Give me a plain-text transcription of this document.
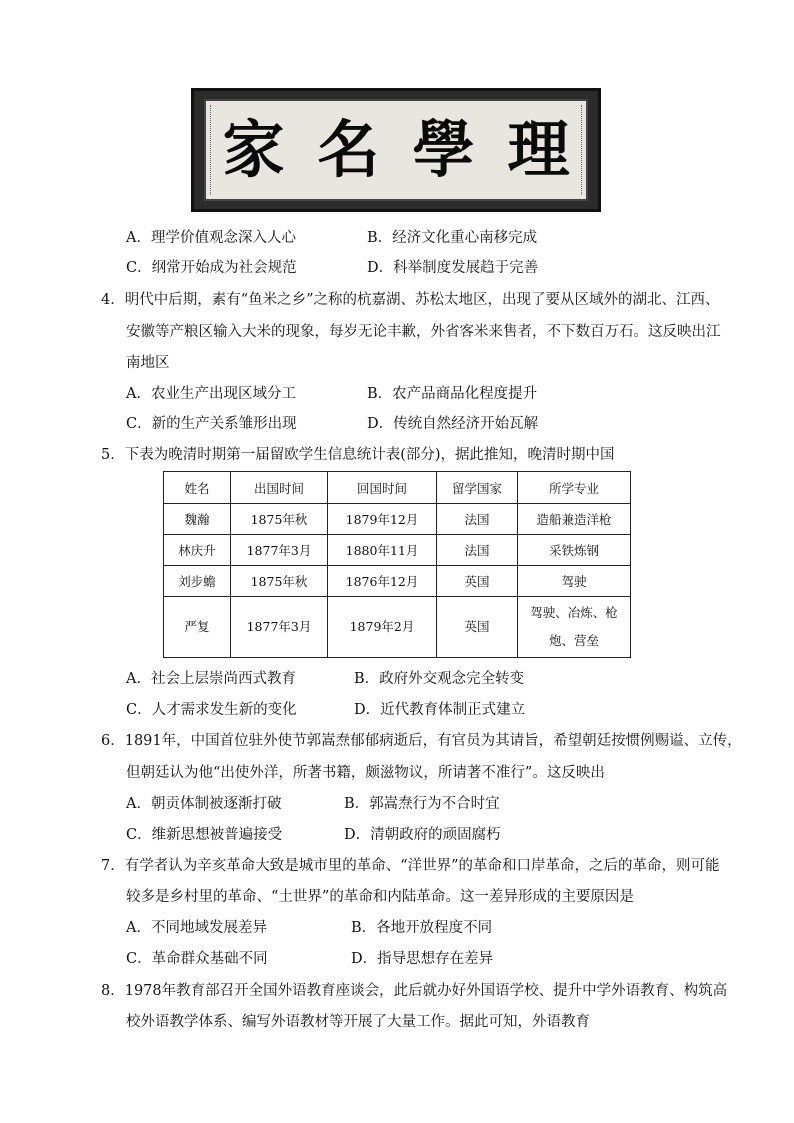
家 名 學 理
A．理学价值观念深入人心	B．经济文化重心南移完成
C．纲常开始成为社会规范	D．科举制度发展趋于完善
4．明代中后期，素有“鱼米之乡”之称的杭嘉湖、苏松太地区，出现了要从区域外的湖北、江西、
安徽等产粮区输入大米的现象，每岁无论丰歉，外省客米来售者，不下数百万石。这反映出江
南地区
A．农业生产出现区域分工	B．农产品商品化程度提升
C．新的生产关系雏形出现	D．传统自然经济开始瓦解
5．下表为晚清时期第一届留欧学生信息统计表(部分)，据此推知，晚清时期中国
姓名	出国时间	回国时间	留学国家	所学专业
魏瀚	1875年秋	1879年12月	法国	造船兼造洋枪
林庆升	1877年3月	1880年11月	法国	采铁炼钢
刘步蟾	1875年秋	1876年12月	英国	驾驶
严复	1877年3月	1879年2月	英国	驾驶、冶炼、枪炮、营垒
A．社会上层崇尚西式教育	B．政府外交观念完全转变
C．人才需求发生新的变化	D．近代教育体制正式建立
6．1891年，中国首位驻外使节郭嵩焘郁郁病逝后，有官员为其请旨，希望朝廷按惯例赐谥、立传，
但朝廷认为他“出使外洋，所著书籍，颇滋物议，所请著不准行”。这反映出
A．朝贡体制被逐渐打破	B．郭嵩焘行为不合时宜
C．维新思想被普遍接受	D．清朝政府的顽固腐朽
7．有学者认为辛亥革命大致是城市里的革命、“洋世界”的革命和口岸革命，之后的革命，则可能
较多是乡村里的革命、“土世界”的革命和内陆革命。这一差异形成的主要原因是
A．不同地域发展差异	B．各地开放程度不同
C．革命群众基础不同	D．指导思想存在差异
8．1978年教育部召开全国外语教育座谈会，此后就办好外国语学校、提升中学外语教育、构筑高
校外语教学体系、编写外语教材等开展了大量工作。据此可知，外语教育
